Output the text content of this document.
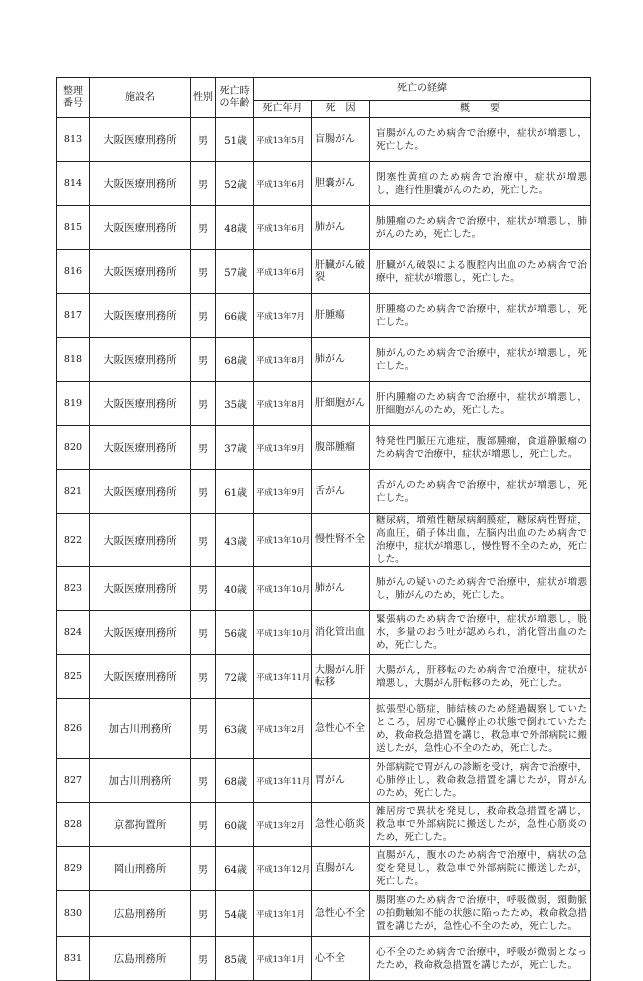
整理
番号	施設名	性別	死亡時
の年齢	死亡の経緯		
				死亡年月	死　因	概　　要
813	大阪医療刑務所	男	51歳	平成13年5月	盲腸がん	盲腸がんのため病舎で治療中，症状が増悪し，死亡した。
814	大阪医療刑務所	男	52歳	平成13年6月	胆嚢がん	閉塞性黄疸のため病舎で治療中，症状が増悪し，進行性胆嚢がんのため，死亡した。
815	大阪医療刑務所	男	48歳	平成13年6月	肺がん	肺腫瘤のため病舎で治療中，症状が増悪し，肺がんのため，死亡した。
816	大阪医療刑務所	男	57歳	平成13年6月	肝臓がん破裂	肝臓がん破裂による腹腔内出血のため病舎で治療中，症状が増悪し，死亡した。
817	大阪医療刑務所	男	66歳	平成13年7月	肝腫瘍	肝腫瘍のため病舎で治療中，症状が増悪し，死亡した。
818	大阪医療刑務所	男	68歳	平成13年8月	肺がん	肺がんのため病舎で治療中，症状が増悪し，死亡した。
819	大阪医療刑務所	男	35歳	平成13年8月	肝細胞がん	肝内腫瘤のため病舎で治療中，症状が増悪し，肝細胞がんのため，死亡した。
820	大阪医療刑務所	男	37歳	平成13年9月	腹部腫瘤	特発性門脈圧亢進症，腹部腫瘤，食道静脈瘤のため病舎で治療中，症状が増悪し，死亡した。
821	大阪医療刑務所	男	61歳	平成13年9月	舌がん	舌がんのため病舎で治療中，症状が増悪し，死亡した。
822	大阪医療刑務所	男	43歳	平成13年10月	慢性腎不全	糖尿病，増殖性糖尿病網膜症，糖尿病性腎症，高血圧，硝子体出血，左脳内出血のため病舎で治療中，症状が増悪し，慢性腎不全のため，死亡した。
823	大阪医療刑務所	男	40歳	平成13年10月	肺がん	肺がんの疑いのため病舎で治療中，症状が増悪し，肺がんのため，死亡した。
824	大阪医療刑務所	男	56歳	平成13年10月	消化管出血	緊張病のため病舎で治療中，症状が増悪し，脱水，多量のおう吐が認められ，消化管出血のため，死亡した。
825	大阪医療刑務所	男	72歳	平成13年11月	大腸がん肝転移	大腸がん，肝移転のため病舎で治療中，症状が増悪し，大腸がん肝転移のため，死亡した。
826	加古川刑務所	男	63歳	平成13年2月	急性心不全	拡張型心筋症，肺結核のため経過観察していたところ，居房で心臓停止の状態で倒れていたため，救命救急措置を講じ，救急車で外部病院に搬送したが，急性心不全のため，死亡した。
827	加古川刑務所	男	68歳	平成13年11月	胃がん	外部病院で胃がんの診断を受け，病舎で治療中，心肺停止し，救命救急措置を講じたが，胃がんのため，死亡した。
828	京都拘置所	男	60歳	平成13年2月	急性心筋炎	雑居房で異状を発見し，救命救急措置を講じ，救急車で外部病院に搬送したが，急性心筋炎のため，死亡した。
829	岡山刑務所	男	64歳	平成13年12月	直腸がん	直腸がん，腹水のため病舎で治療中，病状の急変を発見し，救急車で外部病院に搬送したが，死亡した。
830	広島刑務所	男	54歳	平成13年1月	急性心不全	腸閉塞のため病舎で治療中，呼吸微弱，頸動脈の拍動触知不能の状態に陥ったため，救命救急措置を講じたが，急性心不全のため，死亡した。
831	広島刑務所	男	85歳	平成13年1月	心不全	心不全のため病舎で治療中，呼吸が微弱となったため，救命救急措置を講じたが，死亡した。
